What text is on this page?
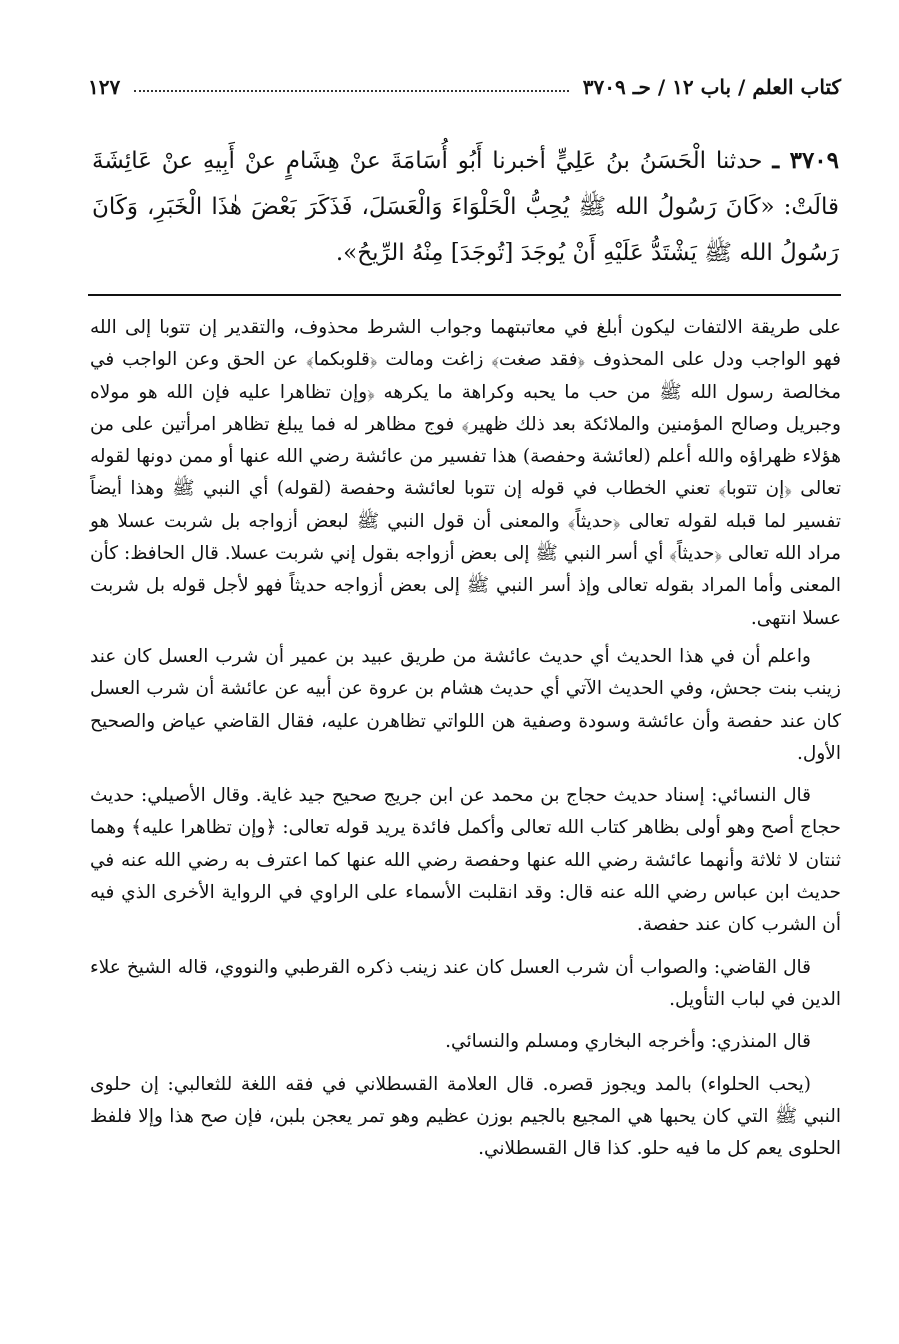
كتاب العلم / باب ١٢ / حـ ٣٧٠٩
١٢٧
٣٧٠٩ ـ حدثنا الْحَسَنُ بنُ عَلِيٍّ أخبرنا أَبُو أُسَامَةَ عنْ هِشَامٍ عنْ أَبِيهِ عنْ عَائِشَةَ قالَتْ: «كَانَ رَسُولُ الله ﷺ يُحِبُّ الْحَلْوَاءَ وَالْعَسَلَ، فَذَكَرَ بَعْضَ هٰذَا الْخَبَرِ، وَكَانَ رَسُولُ الله ﷺ يَشْتَدُّ عَلَيْهِ أَنْ يُوجَدَ [تُوجَدَ] مِنْهُ الرِّيحُ».

على طريقة الالتفات ليكون أبلغ في معاتبتهما وجواب الشرط محذوف، والتقدير إن تتوبا إلى الله فهو الواجب ودل على المحذوف ﴿فقد صغت﴾ زاغت ومالت ﴿قلوبكما﴾ عن الحق وعن الواجب في مخالصة رسول الله ﷺ من حب ما يحبه وكراهة ما يكرهه ﴿وإن تظاهرا عليه فإن الله هو مولاه وجبريل وصالح المؤمنين والملائكة بعد ذلك ظهير﴾ فوج مظاهر له فما يبلغ تظاهر امرأتين على من هؤلاء ظهراؤه والله أعلم (لعائشة وحفصة) هذا تفسير من عائشة رضي الله عنها أو ممن دونها لقوله تعالى ﴿إن تتوبا﴾ تعني الخطاب في قوله إن تتوبا لعائشة وحفصة (لقوله) أي النبي ﷺ وهذا أيضاً تفسير لما قبله لقوله تعالى ﴿حديثاً﴾ والمعنى أن قول النبي ﷺ لبعض أزواجه بل شربت عسلا هو مراد الله تعالى ﴿حديثاً﴾ أي أسر النبي ﷺ إلى بعض أزواجه بقول إني شربت عسلا. قال الحافظ: كأن المعنى وأما المراد بقوله تعالى وإذ أسر النبي ﷺ إلى بعض أزواجه حديثاً فهو لأجل قوله بل شربت عسلا انتهى.

واعلم أن في هذا الحديث أي حديث عائشة من طريق عبيد بن عمير أن شرب العسل كان عند زينب بنت جحش، وفي الحديث الآتي أي حديث هشام بن عروة عن أبيه عن عائشة أن شرب العسل كان عند حفصة وأن عائشة وسودة وصفية هن اللواتي تظاهرن عليه، فقال القاضي عياض والصحيح الأول.

قال النسائي: إسناد حديث حجاج بن محمد عن ابن جريج صحيح جيد غاية. وقال الأصيلي: حديث حجاج أصح وهو أولى بظاهر كتاب الله تعالى وأكمل فائدة يريد قوله تعالى: ﴿وإن تظاهرا عليه﴾ وهما ثنتان لا ثلاثة وأنهما عائشة رضي الله عنها وحفصة رضي الله عنها كما اعترف به رضي الله عنه في حديث ابن عباس رضي الله عنه قال: وقد انقلبت الأسماء على الراوي في الرواية الأخرى الذي فيه أن الشرب كان عند حفصة.

قال القاضي: والصواب أن شرب العسل كان عند زينب ذكره القرطبي والنووي، قاله الشيخ علاء الدين في لباب التأويل.

قال المنذري: وأخرجه البخاري ومسلم والنسائي.

(يحب الحلواء) بالمد ويجوز قصره. قال العلامة القسطلاني في فقه اللغة للثعالبي: إن حلوى النبي ﷺ التي كان يحبها هي المجيع بالجيم بوزن عظيم وهو تمر يعجن بلبن، فإن صح هذا وإلا فلفظ الحلوى يعم كل ما فيه حلو. كذا قال القسطلاني.
